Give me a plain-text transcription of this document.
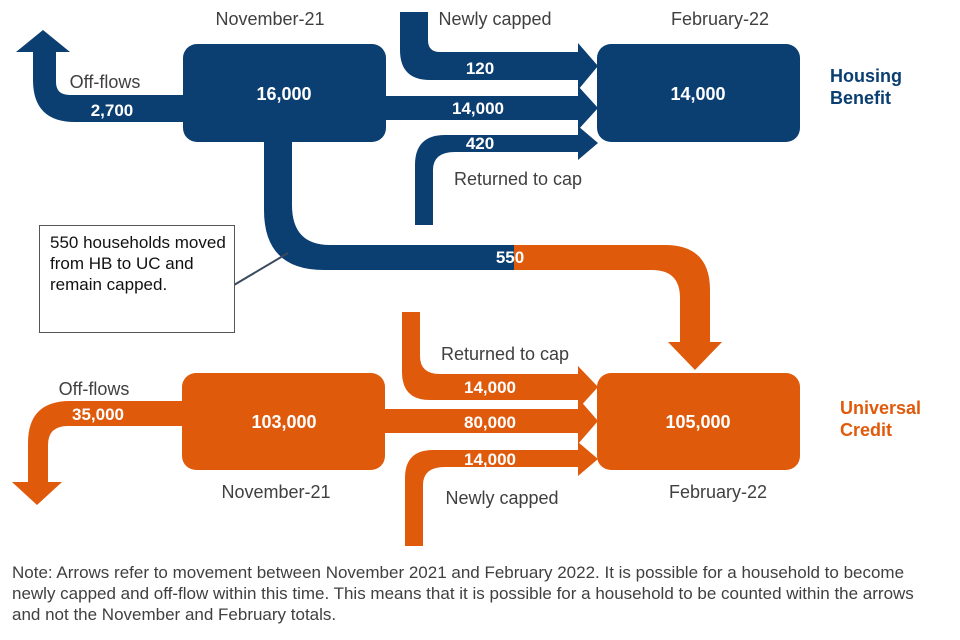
November-21	February-22
Newly capped
120
14,000
420
Returned to cap
Off-flows
2,700
16,000	14,000
Housing Benefit
550
Returned to cap
14,000
80,000
14,000
Newly capped
Off-flows
35,000	103,000	105,000
November-21	February-22
Universal Credit
550 households moved from HB to UC and remain capped.
Note: Arrows refer to movement between November 2021 and February 2022. It is possible for a household to become newly capped and off-flow within this time. This means that it is possible for a household to be counted within the arrows and not the November and February totals.
